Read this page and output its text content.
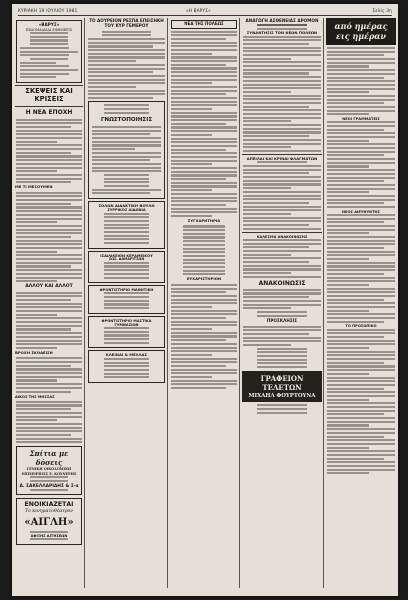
ΚΥΡΙΑΚΗ 19 ΙΟΥΛΙΟΥ 1981	«Η ΒΑΡΥΣ»	Σελίς 3η
«ΒΑΡΥΣ»
ΕΒΔΟΜΑΔΙΑΙΑ ΕΦΗΜΕΡΙΣ
ΣΚΕΨΕΙΣ ΚΑΙ ΚΡΙΣΕΙΣ
Η ΝΕΑ ΕΠΟΧΗ
ΜΕ ΤΙ ΜΕΣΟΥΜΕΝ
ΑΛΛΟΥ ΚΑΙ ΑΛΛΟΤ
ΒΡΟΧΗ ΣΚΟΔΕΙΣΗ
ΔΙΚΟΣ ΤΗΣ ΜΗΣΣΑΣ
Σπίτια με δόσεις
ΓΕΝΙΚΗ ΟΙΚΟΔΟΜΙΚΗ ΕΠΙΧΕΙΡΗΣΙΣ Ε. ΚΟΥΝΕΡΗΣ
Δ. ΣΑΚΕΛΛΑΡΙΔΗΣ & Σ·α
ΕΝΟΙΚΙΑΖΕΤΑΙ
Το κινηματοθέατρον
«ΑΙΓΛΗ»
ΑΦΙΞΗΣ ΑΙΤΗΣΕΩΝ
ΤΟ ΔΟΥΡΕΙΟΝ ΡΕΣΠΑ ΕΠΕΙΣΗΚΗ ΤΟΥ ΚΥΡ ΓΕΜΕΡΟΥ
ΓΝΩΣΤΟΠΟΙΗΣΙΣ
ΣΟΛΩΝ ΔΙΔΑΚΤΙΚΗ ΒΟΥΛΗ
ΣΥΡΡΙΚΟΣ ΑΙΔΩΝΙΑ
ΙΣΔΙΛΙΚΕΙΟΝ ΚΕΡΑΜΕΙΚΟΥ
ΣΩΣ. ΔΑΜΑΡΙΤΣΩΝ
ΦΡΟΝΤΙΣΤΗΡΙΟ ΜΑΘΗΤΙΚΗ
ΦΡΟΝΤΙΣΤΗΡΙΟ ΜΑΣΤΙΚΑ ΓΥΜΝΑΣΙΩΝ
ΚΛΕΙΝΑΙ & ΜΕΛΛΑΣ
ΝΕΑ ΤΗΣ ΠΟΛΕΩΣ
ΣΥΓΧΑΡΗΤΗΡΙΑ
ΕΥΧΑΡΙΣΤΗΡΙΟΝ
ΑΝΑΓΩΓΗ ΑΣΘΕΝΕΙΑΣ ΔΡΟΜΟΝ
ΣΥΝΑΝΤΗΣΙΣ ΤΟΝ ΝΕΩΝ ΠΟΛΕΩΝ
ΑΠΕΙΛΑΙ ΚΑΙ ΚΡΙΝΑΙ ΦΛΑΓΜΑΤΩΝ
ΚΑΛΕΣΜΑ ΑΝΑΚΟΙΝΩΣΗΣ
ΑΝΑΚΟΙΝΩΣΙΣ
ΠΡΟΣΚΛΗΣΙΣ
ΓΡΑΦΕΙΟΝ ΤΕΛΕΤΩΝ
ΜΙΧΑΗΛ ΦΟΥΡΤΟΥΝΑ
από ημέρας εις ημέραν
ΝΕΟΙ ΓΡΑΜΜΑΤΕΙΣ
ΝΕΟΣ ΔΙΕΥΘΥΝΤΗΣ
ΤΟ ΠΡΟΣΩΠΙΚΟ
